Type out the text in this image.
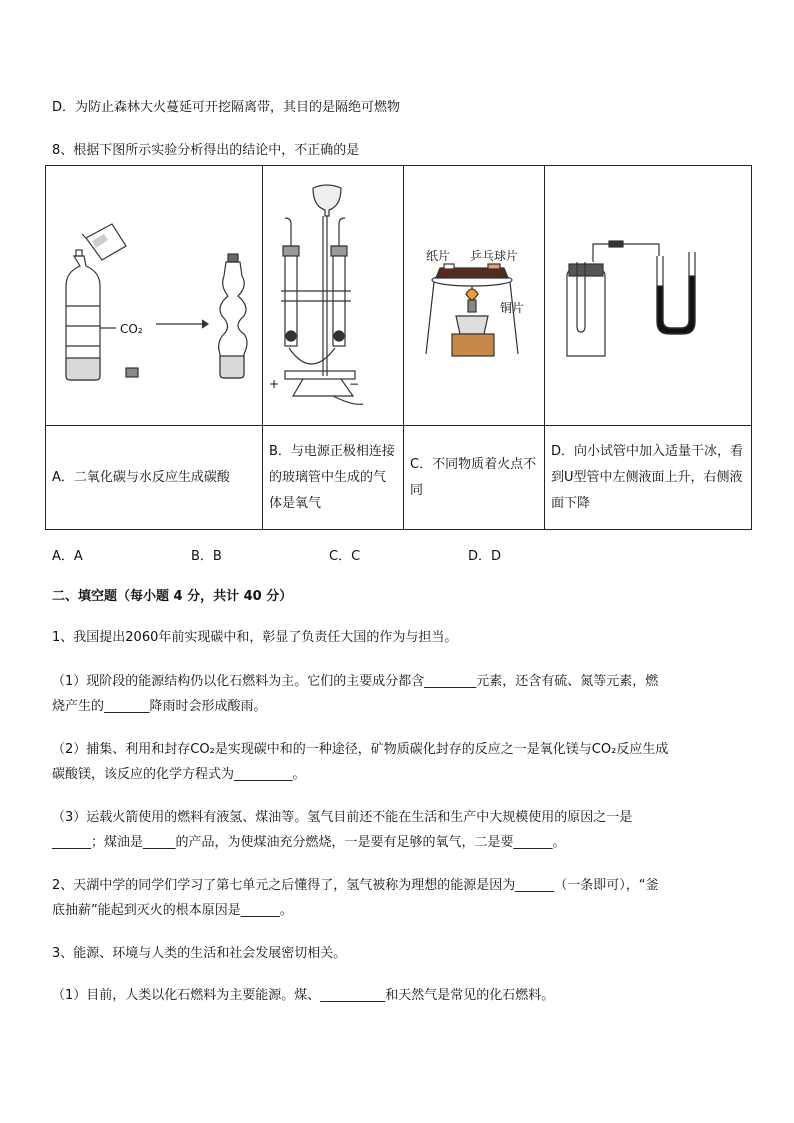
D．为防止森林大火蔓延可开挖隔离带，其目的是隔绝可燃物
8、根据下图所示实验分析得出的结论中，不正确的是
CO₂	+ −	纸片 乒乓球片
铜片

A．二氧化碳与水反应生成碳酸	B．与电源正极相连接的玻璃管中生成的气体是氧气	C．不同物质着火点不同	D．向小试管中加入适量干冰，看到U型管中左侧液面上升，右侧液面下降
A．A	B．B	C．C	D．D
二、填空题（每小题 4 分，共计 40 分）
1、我国提出2060年前实现碳中和，彰显了负责任大国的作为与担当。
（1）现阶段的能源结构仍以化石燃料为主。它们的主要成分都含________元素，还含有硫、氮等元素，燃
烧产生的_______降雨时会形成酸雨。
（2）捕集、利用和封存CO₂是实现碳中和的一种途径，矿物质碳化封存的反应之一是氧化镁与CO₂反应生成
碳酸镁，该反应的化学方程式为_________。
（3）运载火箭使用的燃料有液氢、煤油等。氢气目前还不能在生活和生产中大规模使用的原因之一是
______；煤油是_____的产品，为使煤油充分燃烧，一是要有足够的氧气，二是要______。
2、天湖中学的同学们学习了第七单元之后懂得了，氢气被称为理想的能源是因为______（一条即可），“釜
底抽薪”能起到灭火的根本原因是______。
3、能源、环境与人类的生活和社会发展密切相关。
（1）目前，人类以化石燃料为主要能源。煤、__________和天然气是常见的化石燃料。
